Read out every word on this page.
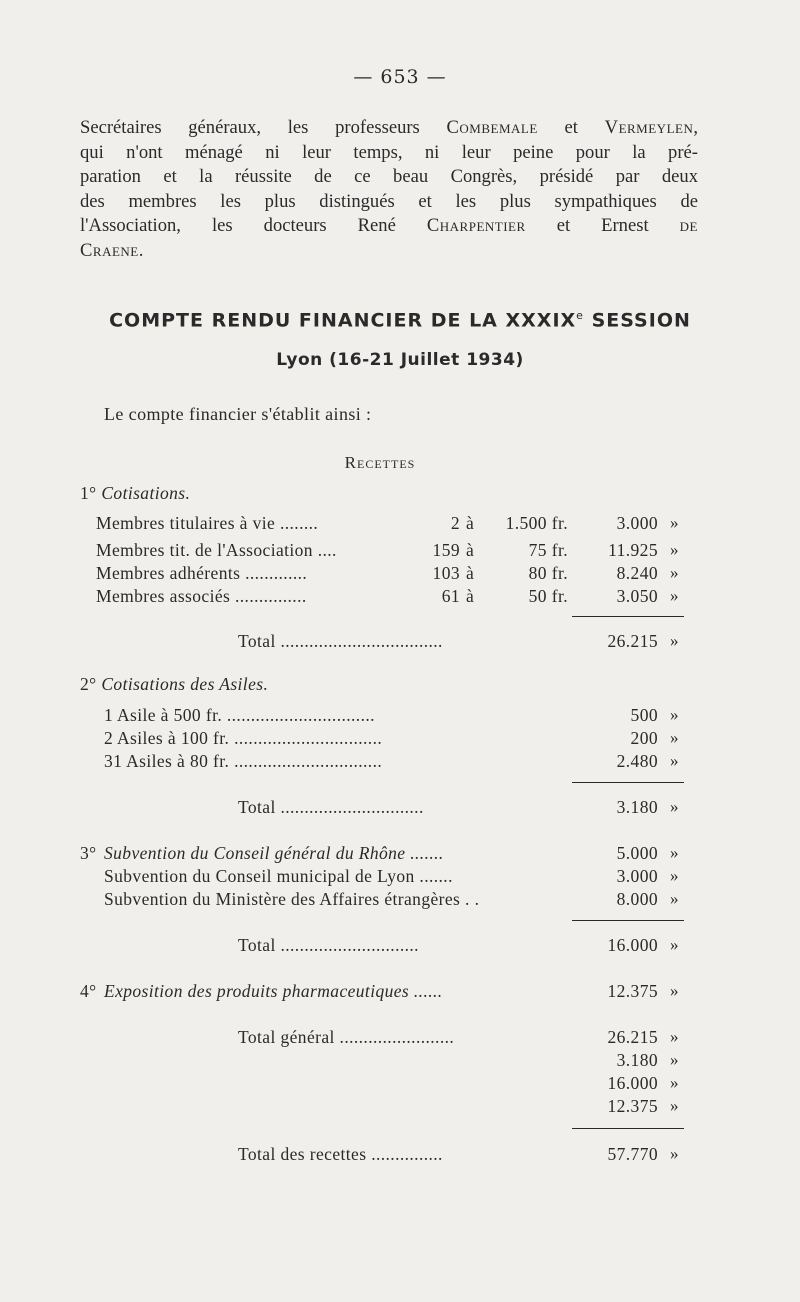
— 653 —
Secrétaires généraux, les professeurs Combemale et Vermeylen,
qui n'ont ménagé ni leur temps, ni leur peine pour la pré-
paration et la réussite de ce beau Congrès, présidé par deux
des membres les plus distingués et les plus sympathiques de
l'Association, les docteurs René Charpentier et Ernest de
Craene.
COMPTE RENDU FINANCIER DE LA XXXIXe SESSION
Lyon (16-21 Juillet 1934)
Le compte financier s'établit ainsi :
Recettes
1° Cotisations.
Membres titulaires à vie ........	2 à	1.500 fr.	3.000 »
Membres tit. de l'Association ....	159 à	75 fr.	11.925 »
Membres adhérents .............	103 à	80 fr.	8.240 »
Membres associés ...............	61 à	50 fr.	3.050 »
Total ..................................	26.215 »
2° Cotisations des Asiles.
1 Asile à 500 fr. ...............................	500 »
2 Asiles à 100 fr. ...............................	200 »
31 Asiles à 80 fr. ...............................	2.480 »
Total ..............................	3.180 »
3° Subvention du Conseil général du Rhône .......	5.000 »
Subvention du Conseil municipal de Lyon .......	3.000 »
Subvention du Ministère des Affaires étrangères . .	8.000 »
Total .............................	16.000 »
4° Exposition des produits pharmaceutiques ......	12.375 »
Total général ........................	26.215 »
3.180 »
16.000 »
12.375 »
Total des recettes ...............	57.770 »
